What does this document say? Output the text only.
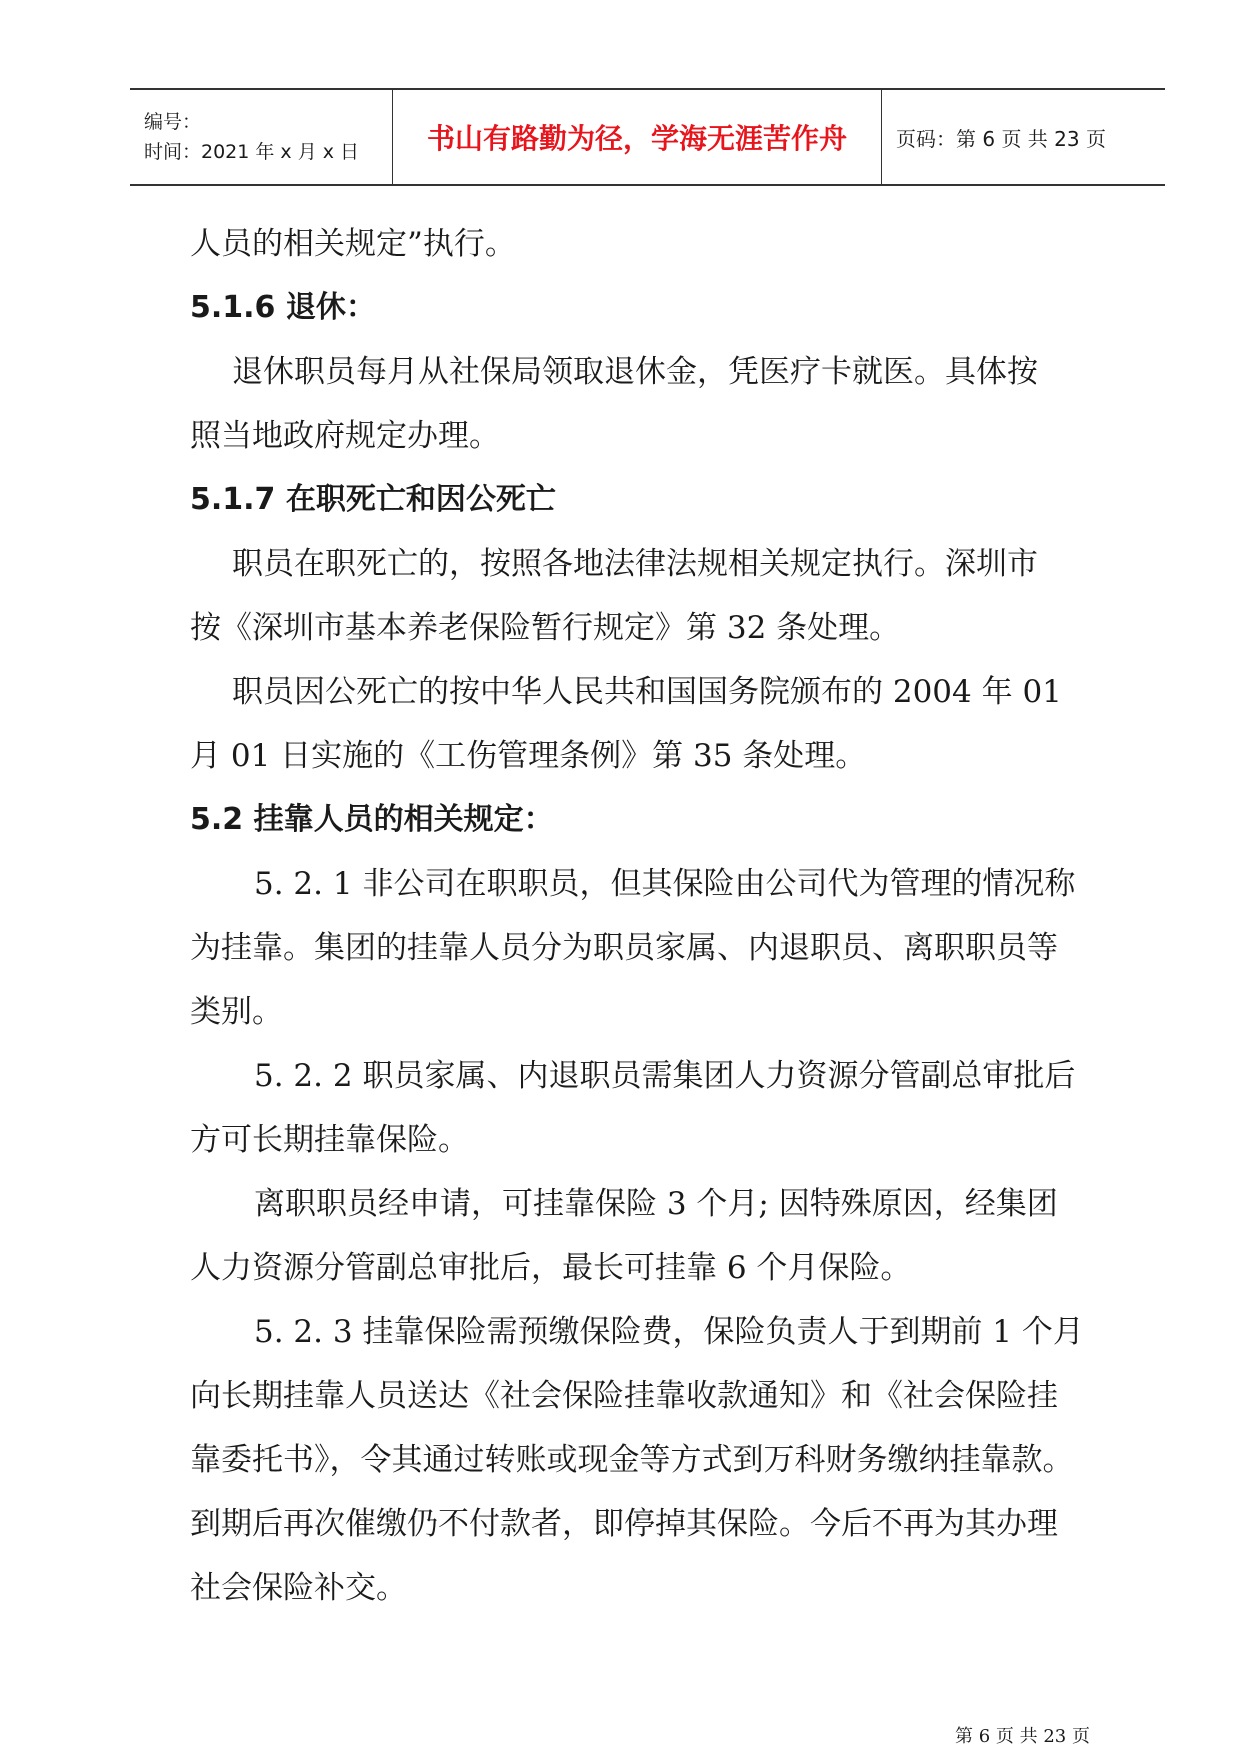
编号：
时间：2021 年 x 月 x 日	书山有路勤为径，学海无涯苦作舟 页码：第 6 页 共 23 页

人员的相关规定”执行。

5.1.6 退休：

退休职员每月从社保局领取退休金，凭医疗卡就医。具体按

照当地政府规定办理。

5.1.7 在职死亡和因公死亡

职员在职死亡的，按照各地法律法规相关规定执行。深圳市

按《深圳市基本养老保险暂行规定》第 32 条处理。

职员因公死亡的按中华人民共和国国务院颁布的 2004 年 01

月 01 日实施的《工伤管理条例》第 35 条处理。

5.2 挂靠人员的相关规定：

5. 2. 1 非公司在职职员，但其保险由公司代为管理的情况称

为挂靠。集团的挂靠人员分为职员家属、内退职员、离职职员等

类别。

5. 2. 2 职员家属、内退职员需集团人力资源分管副总审批后

方可长期挂靠保险。

离职职员经申请，可挂靠保险 3 个月; 因特殊原因，经集团

人力资源分管副总审批后，最长可挂靠 6 个月保险。

5. 2. 3 挂靠保险需预缴保险费，保险负责人于到期前 1 个月

向长期挂靠人员送达《社会保险挂靠收款通知》和《社会保险挂

靠委托书》，令其通过转账或现金等方式到万科财务缴纳挂靠款。

到期后再次催缴仍不付款者，即停掉其保险。今后不再为其办理

社会保险补交。

第 6 页 共 23 页
